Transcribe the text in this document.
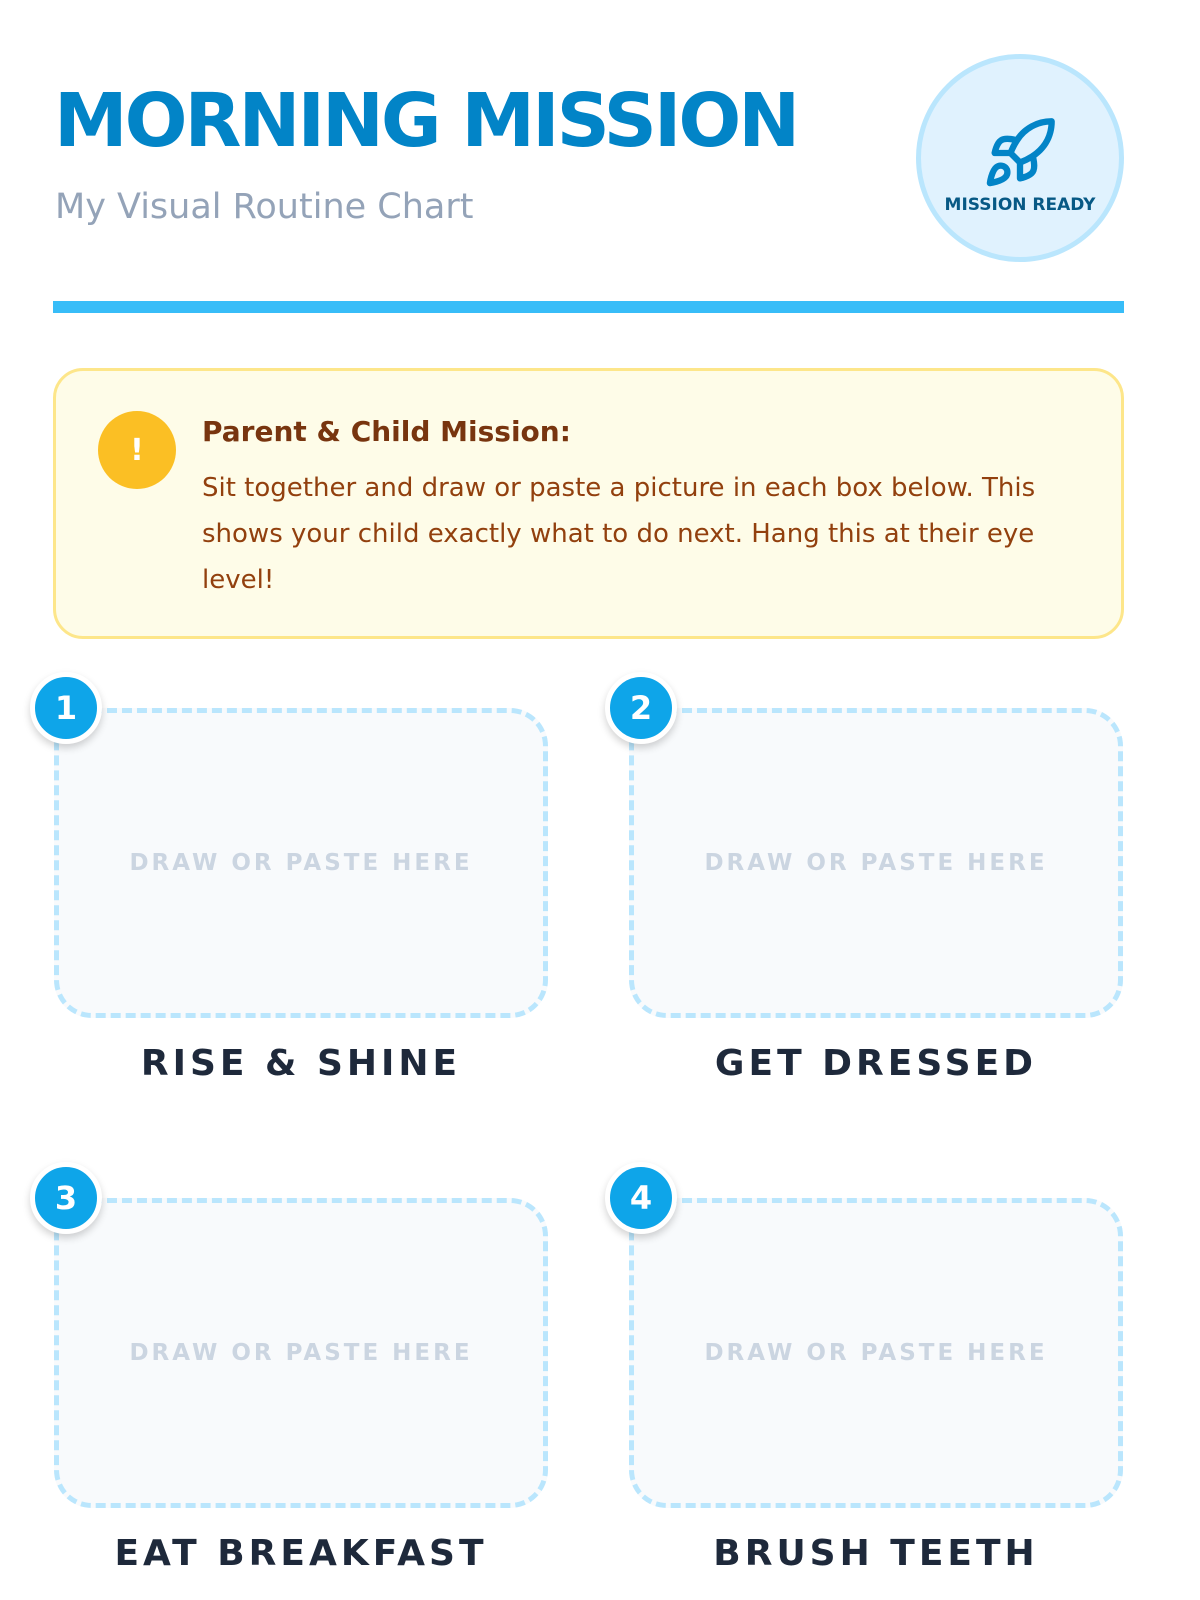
MORNING MISSION
My Visual Routine Chart	MISSION READY
!
Parent & Child Mission:
Sit together and draw or paste a picture in each box below. This shows your child exactly what to do next. Hang this at their eye level!
DRAW OR PASTE HERE
1
RISE & SHINE
DRAW OR PASTE HERE
2
GET DRESSED
DRAW OR PASTE HERE
3
EAT BREAKFAST
DRAW OR PASTE HERE
4
BRUSH TEETH
